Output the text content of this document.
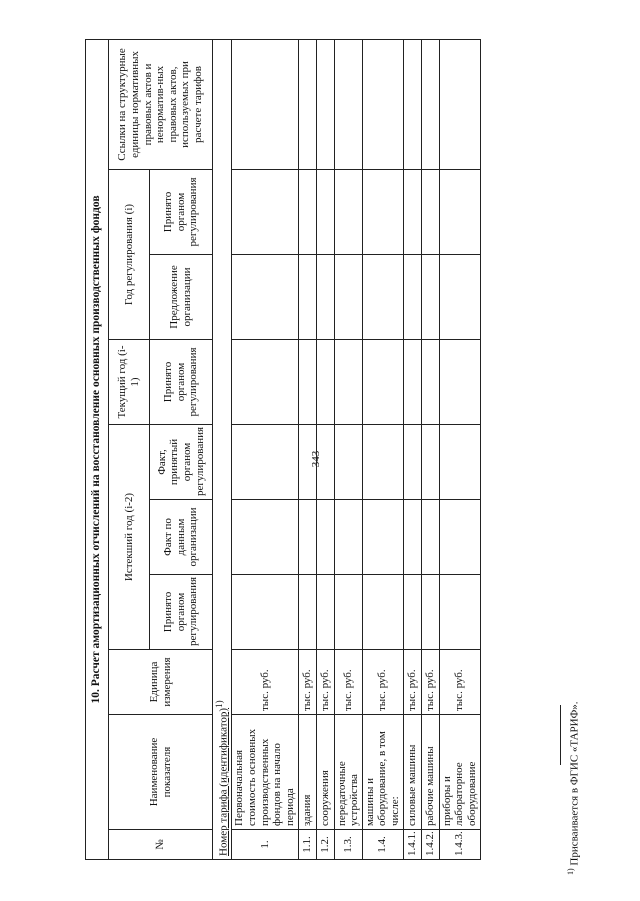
343
10. Расчет амортизационных отчислений на восстановление основных производственных фондов									
№	Наименование показателя	Единица измерения	Истекший год (i-2)			Текущий год (i-1)	Год регулирования (i)		Ссылки на структурные единицы нормативных правовых актов и ненорматив-ных правовых актов, используемых при расчете тарифов
			Принято органом регулирования	Факт по данным организации	Факт, принятый органом регулирования	Принято органом регулирования	Предложение организации	Принято органом регулирования	
Номер тарифа (идентификатор)$^{1)}$
1.	Первоначальная стоимость основных производственных фондов на начало периода	тыс. руб.							
1.1.	здания	тыс. руб.							
1.2.	сооружения	тыс. руб.							
1.3.	передаточные устройства	тыс. руб.							
1.4.	машины и оборудование, в том числе:	тыс. руб.							
1.4.1.	силовые машины	тыс. руб.							
1.4.2.	рабочие машины	тыс. руб.							
1.4.3.	приборы и лабораторное оборудование	тыс. руб.							
$^{1)}$ Присваивается в ФГИС «ТАРИФ».
